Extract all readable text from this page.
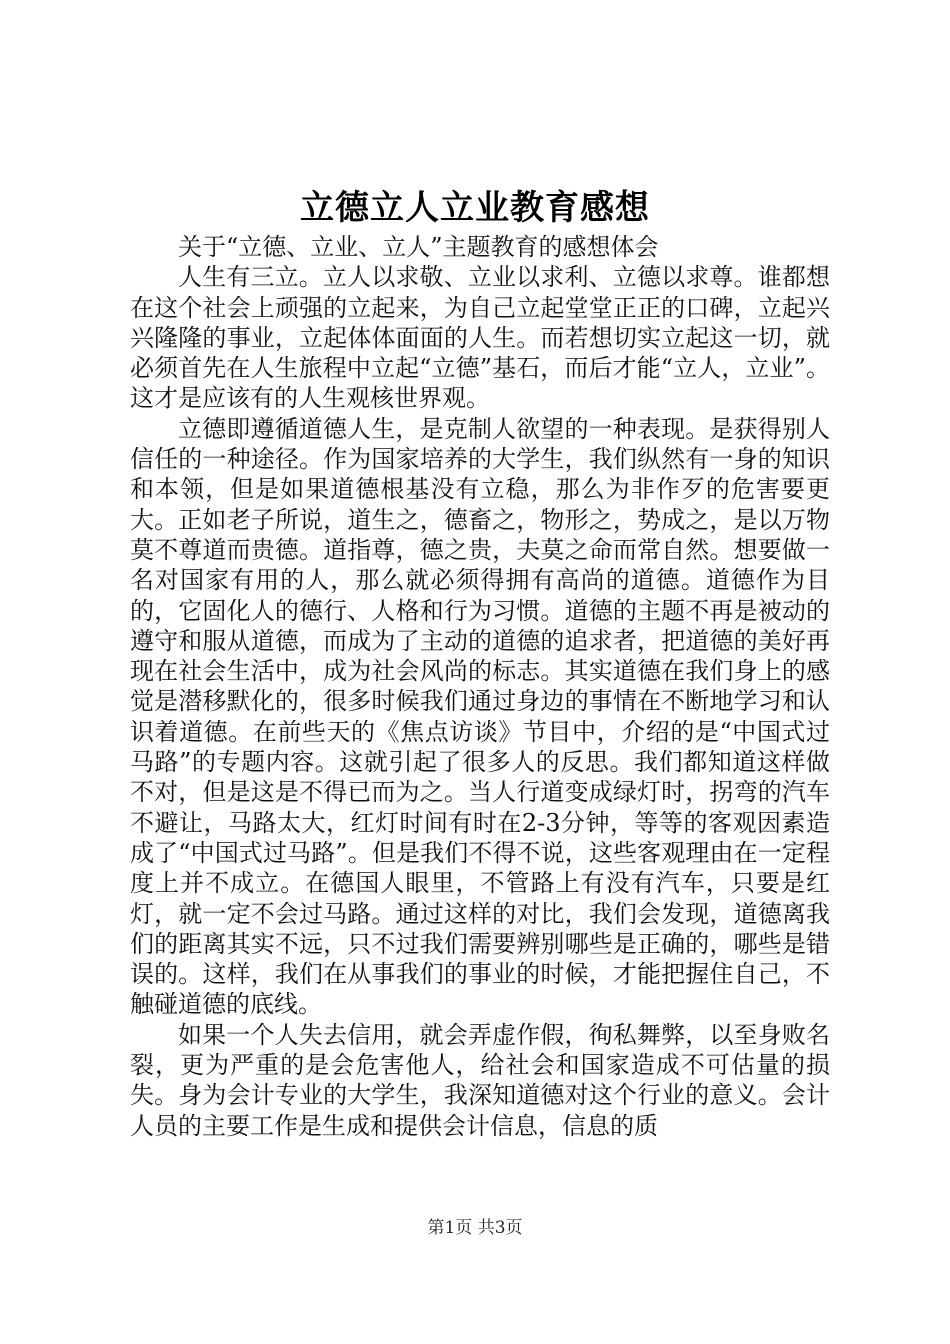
立德立人立业教育感想

关于“立德、立业、立人”主题教育的感想体会

人生有三立。立人以求敬、立业以求利、立德以求尊。谁都想在这个社会上顽强的立起来，为自己立起堂堂正正的口碑，立起兴兴隆隆的事业，立起体体面面的人生。而若想切实立起这一切，就必须首先在人生旅程中立起“立德”基石，而后才能“立人，立业”。这才是应该有的人生观核世界观。

立德即遵循道德人生，是克制人欲望的一种表现。是获得别人信任的一种途径。作为国家培养的大学生，我们纵然有一身的知识和本领，但是如果道德根基没有立稳，那么为非作歹的危害要更大。正如老子所说，道生之，德畜之，物形之，势成之，是以万物莫不尊道而贵德。道指尊，德之贵，夫莫之命而常自然。想要做一名对国家有用的人，那么就必须得拥有高尚的道德。道德作为目的，它固化人的德行、人格和行为习惯。道德的主题不再是被动的遵守和服从道德，而成为了主动的道德的追求者，把道德的美好再现在社会生活中，成为社会风尚的标志。其实道德在我们身上的感觉是潜移默化的，很多时候我们通过身边的事情在不断地学习和认识着道德。在前些天的《焦点访谈》节目中，介绍的是“中国式过马路”的专题内容。这就引起了很多人的反思。我们都知道这样做不对，但是这是不得已而为之。当人行道变成绿灯时，拐弯的汽车不避让，马路太大，红灯时间有时在2-3分钟，等等的客观因素造成了“中国式过马路”。但是我们不得不说，这些客观理由在一定程度上并不成立。在德国人眼里，不管路上有没有汽车，只要是红灯，就一定不会过马路。通过这样的对比，我们会发现，道德离我们的距离其实不远，只不过我们需要辨别哪些是正确的，哪些是错误的。这样，我们在从事我们的事业的时候，才能把握住自己，不触碰道德的底线。

如果一个人失去信用，就会弄虚作假，徇私舞弊，以至身败名裂，更为严重的是会危害他人，给社会和国家造成不可估量的损失。身为会计专业的大学生，我深知道德对这个行业的意义。会计人员的主要工作是生成和提供会计信息，信息的质

第1页 共3页
